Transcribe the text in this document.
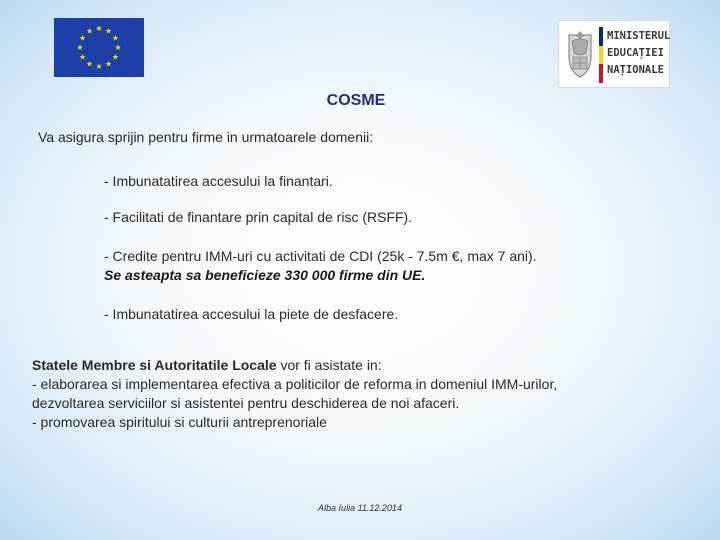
MINISTERUL
EDUCAȚIEI
NAȚIONALE
COSME
Va asigura sprijin pentru firme in urmatoarele domenii:
- Imbunatatirea accesului la finantari.
- Facilitati de finantare prin capital de risc (RSFF).
- Credite pentru IMM-uri cu activitati de CDI (25k - 7.5m €, max 7 ani).
Se asteapta sa beneficieze 330 000 firme din UE.
- Imbunatatirea accesului la piete de desfacere.
Statele Membre si Autoritatile Locale vor fi asistate in:
- elaborarea si implementarea efectiva a politicilor de reforma in domeniul IMM-urilor,
dezvoltarea serviciilor si asistentei pentru deschiderea de noi afaceri.
- promovarea spiritului si culturii antreprenoriale
Alba Iulia 11.12.2014
